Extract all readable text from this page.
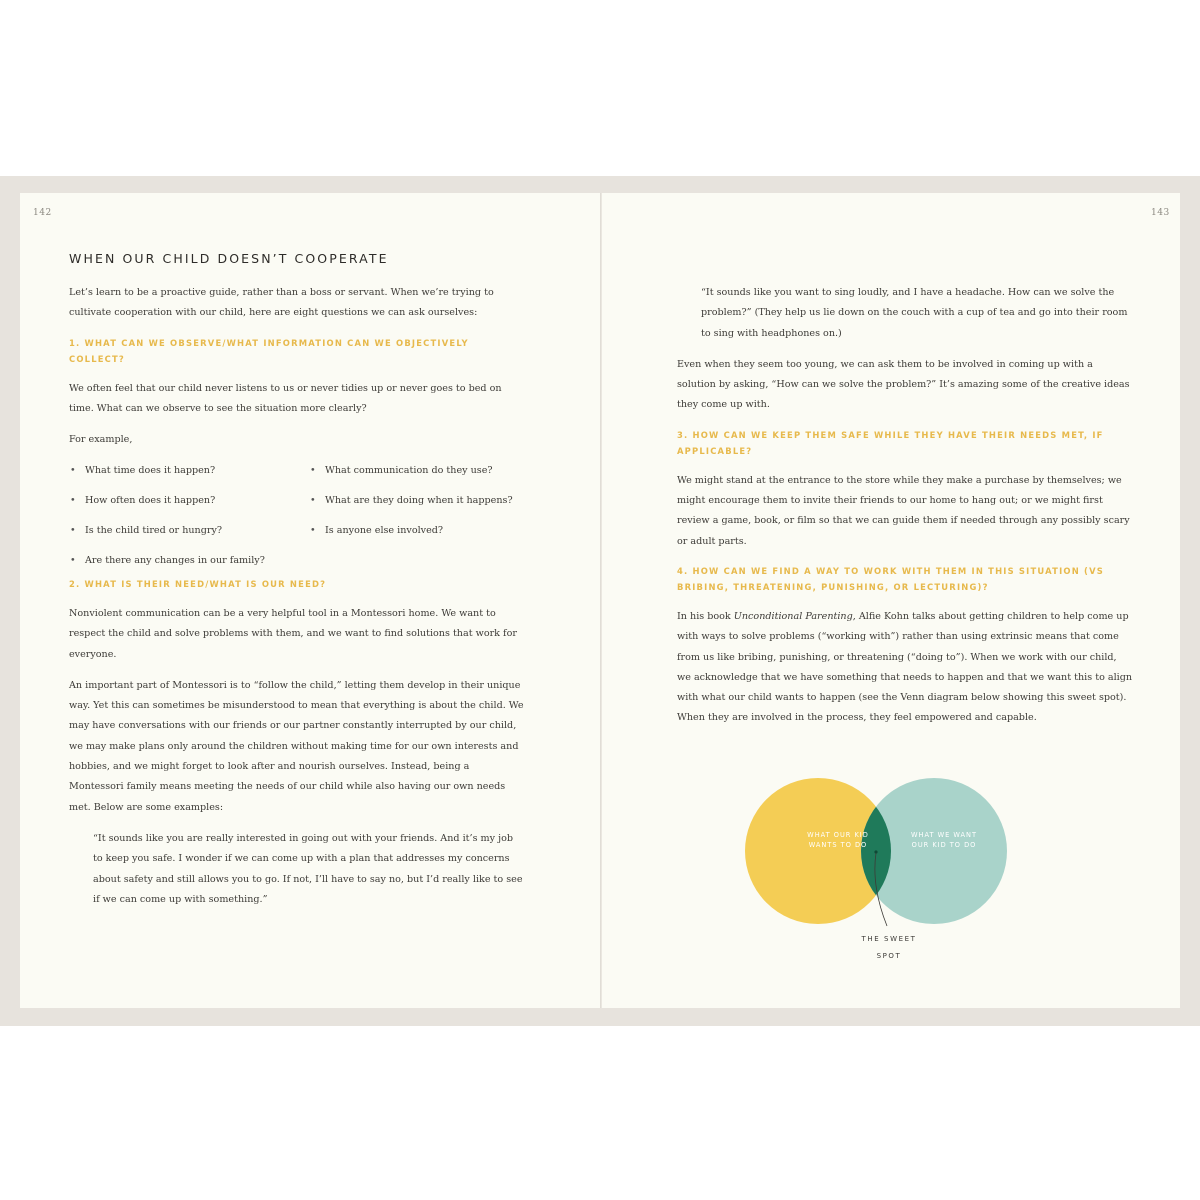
142	143
WHEN OUR CHILD DOESN’T COOPERATE

Let’s learn to be a proactive guide, rather than a boss or servant. When we’re trying to cultivate cooperation with our child, here are eight questions we can ask ourselves:

1. WHAT CAN WE OBSERVE/WHAT INFORMATION CAN WE OBJECTIVELY COLLECT?

We often feel that our child never listens to us or never tidies up or never goes to bed on time. What can we observe to see the situation more clearly?

For example,

• What time does it happen?	• What communication do they use?
• How often does it happen?	• What are they doing when it happens?
• Is the child tired or hungry?	• Is anyone else involved?
• Are there any changes in our family?
2. WHAT IS THEIR NEED/WHAT IS OUR NEED?

Nonviolent communication can be a very helpful tool in a Montessori home. We want to respect the child and solve problems with them, and we want to find solutions that work for everyone.

An important part of Montessori is to “follow the child,” letting them develop in their unique way. Yet this can sometimes be misunderstood to mean that everything is about the child. We may have conversations with our friends or our partner constantly interrupted by our child, we may make plans only around the children without making time for our own interests and hobbies, and we might forget to look after and nourish ourselves. Instead, being a Montessori family means meeting the needs of our child while also having our own needs met. Below are some examples:

“It sounds like you are really interested in going out with your friends. And it’s my job to keep you safe. I wonder if we can come up with a plan that addresses my concerns about safety and still allows you to go. If not, I’ll have to say no, but I’d really like to see if we can come up with something.”

“It sounds like you want to sing loudly, and I have a headache. How can we solve the problem?” (They help us lie down on the couch with a cup of tea and go into their room to sing with headphones on.)

Even when they seem too young, we can ask them to be involved in coming up with a solution by asking, “How can we solve the problem?” It’s amazing some of the creative ideas they come up with.

3. HOW CAN WE KEEP THEM SAFE WHILE THEY HAVE THEIR NEEDS MET, IF APPLICABLE?

We might stand at the entrance to the store while they make a purchase by themselves; we might encourage them to invite their friends to our home to hang out; or we might first review a game, book, or film so that we can guide them if needed through any possibly scary or adult parts.

4. HOW CAN WE FIND A WAY TO WORK WITH THEM IN THIS SITUATION (VS BRIBING, THREATENING, PUNISHING, OR LECTURING)?

In his book Unconditional Parenting, Alfie Kohn talks about getting children to help come up with ways to solve problems (“working with”) rather than using extrinsic means that come from us like bribing, punishing, or threatening (“doing to”). When we work with our child, we acknowledge that we have something that needs to happen and that we want this to align with what our child wants to happen (see the Venn diagram below showing this sweet spot). When they are involved in the process, they feel empowered and capable.

WHAT OUR KID WANTS TO DO
WHAT WE WANT OUR KID TO DO
THE SWEET SPOT
